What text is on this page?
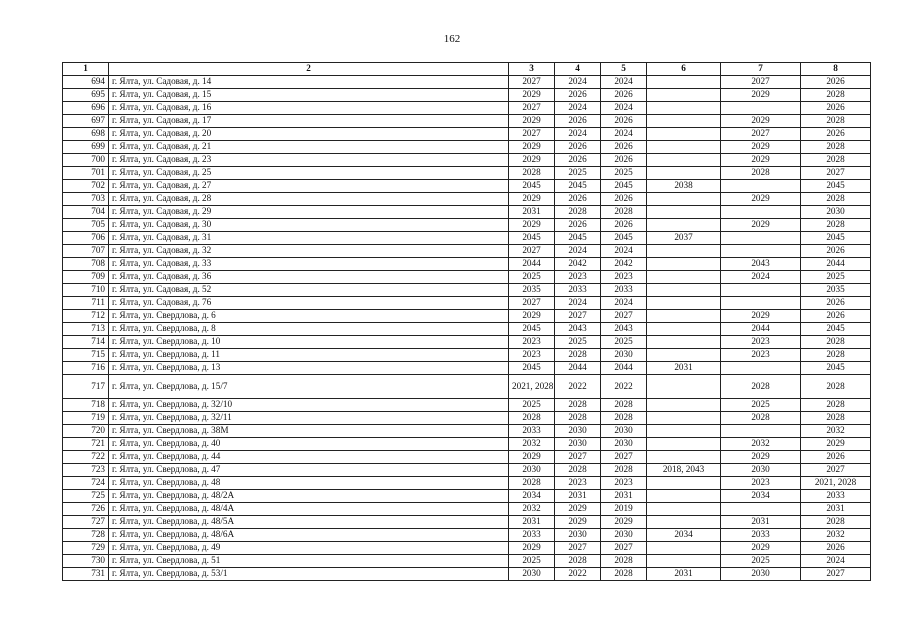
162
1	2	3	4	5	6	7	8
694	г. Ялта, ул. Садовая, д. 14	2027	2024	2024		2027	2026
695	г. Ялта, ул. Садовая, д. 15	2029	2026	2026		2029	2028
696	г. Ялта, ул. Садовая, д. 16	2027	2024	2024			2026
697	г. Ялта, ул. Садовая, д. 17	2029	2026	2026		2029	2028
698	г. Ялта, ул. Садовая, д. 20	2027	2024	2024		2027	2026
699	г. Ялта, ул. Садовая, д. 21	2029	2026	2026		2029	2028
700	г. Ялта, ул. Садовая, д. 23	2029	2026	2026		2029	2028
701	г. Ялта, ул. Садовая, д. 25	2028	2025	2025		2028	2027
702	г. Ялта, ул. Садовая, д. 27	2045	2045	2045	2038		2045
703	г. Ялта, ул. Садовая, д. 28	2029	2026	2026		2029	2028
704	г. Ялта, ул. Садовая, д. 29	2031	2028	2028			2030
705	г. Ялта, ул. Садовая, д. 30	2029	2026	2026		2029	2028
706	г. Ялта, ул. Садовая, д. 31	2045	2045	2045	2037		2045
707	г. Ялта, ул. Садовая, д. 32	2027	2024	2024			2026
708	г. Ялта, ул. Садовая, д. 33	2044	2042	2042		2043	2044
709	г. Ялта, ул. Садовая, д. 36	2025	2023	2023		2024	2025
710	г. Ялта, ул. Садовая, д. 52	2035	2033	2033			2035
711	г. Ялта, ул. Садовая, д. 76	2027	2024	2024			2026
712	г. Ялта, ул. Свердлова, д. 6	2029	2027	2027		2029	2026
713	г. Ялта, ул. Свердлова, д. 8	2045	2043	2043		2044	2045
714	г. Ялта, ул. Свердлова, д. 10	2023	2025	2025		2023	2028
715	г. Ялта, ул. Свердлова, д. 11	2023	2028	2030		2023	2028
716	г. Ялта, ул. Свердлова, д. 13	2045	2044	2044	2031		2045
717	г. Ялта, ул. Свердлова, д. 15/7	2021, 2028	2022	2022		2028	2028
718	г. Ялта, ул. Свердлова, д. 32/10	2025	2028	2028		2025	2028
719	г. Ялта, ул. Свердлова, д. 32/11	2028	2028	2028		2028	2028
720	г. Ялта, ул. Свердлова, д. 38М	2033	2030	2030			2032
721	г. Ялта, ул. Свердлова, д. 40	2032	2030	2030		2032	2029
722	г. Ялта, ул. Свердлова, д. 44	2029	2027	2027		2029	2026
723	г. Ялта, ул. Свердлова, д. 47	2030	2028	2028	2018, 2043	2030	2027
724	г. Ялта, ул. Свердлова, д. 48	2028	2023	2023		2023	2021, 2028
725	г. Ялта, ул. Свердлова, д. 48/2А	2034	2031	2031		2034	2033
726	г. Ялта, ул. Свердлова, д. 48/4А	2032	2029	2019			2031
727	г. Ялта, ул. Свердлова, д. 48/5А	2031	2029	2029		2031	2028
728	г. Ялта, ул. Свердлова, д. 48/6А	2033	2030	2030	2034	2033	2032
729	г. Ялта, ул. Свердлова, д. 49	2029	2027	2027		2029	2026
730	г. Ялта, ул. Свердлова, д. 51	2025	2028	2028		2025	2024
731	г. Ялта, ул. Свердлова, д. 53/1	2030	2022	2028	2031	2030	2027
